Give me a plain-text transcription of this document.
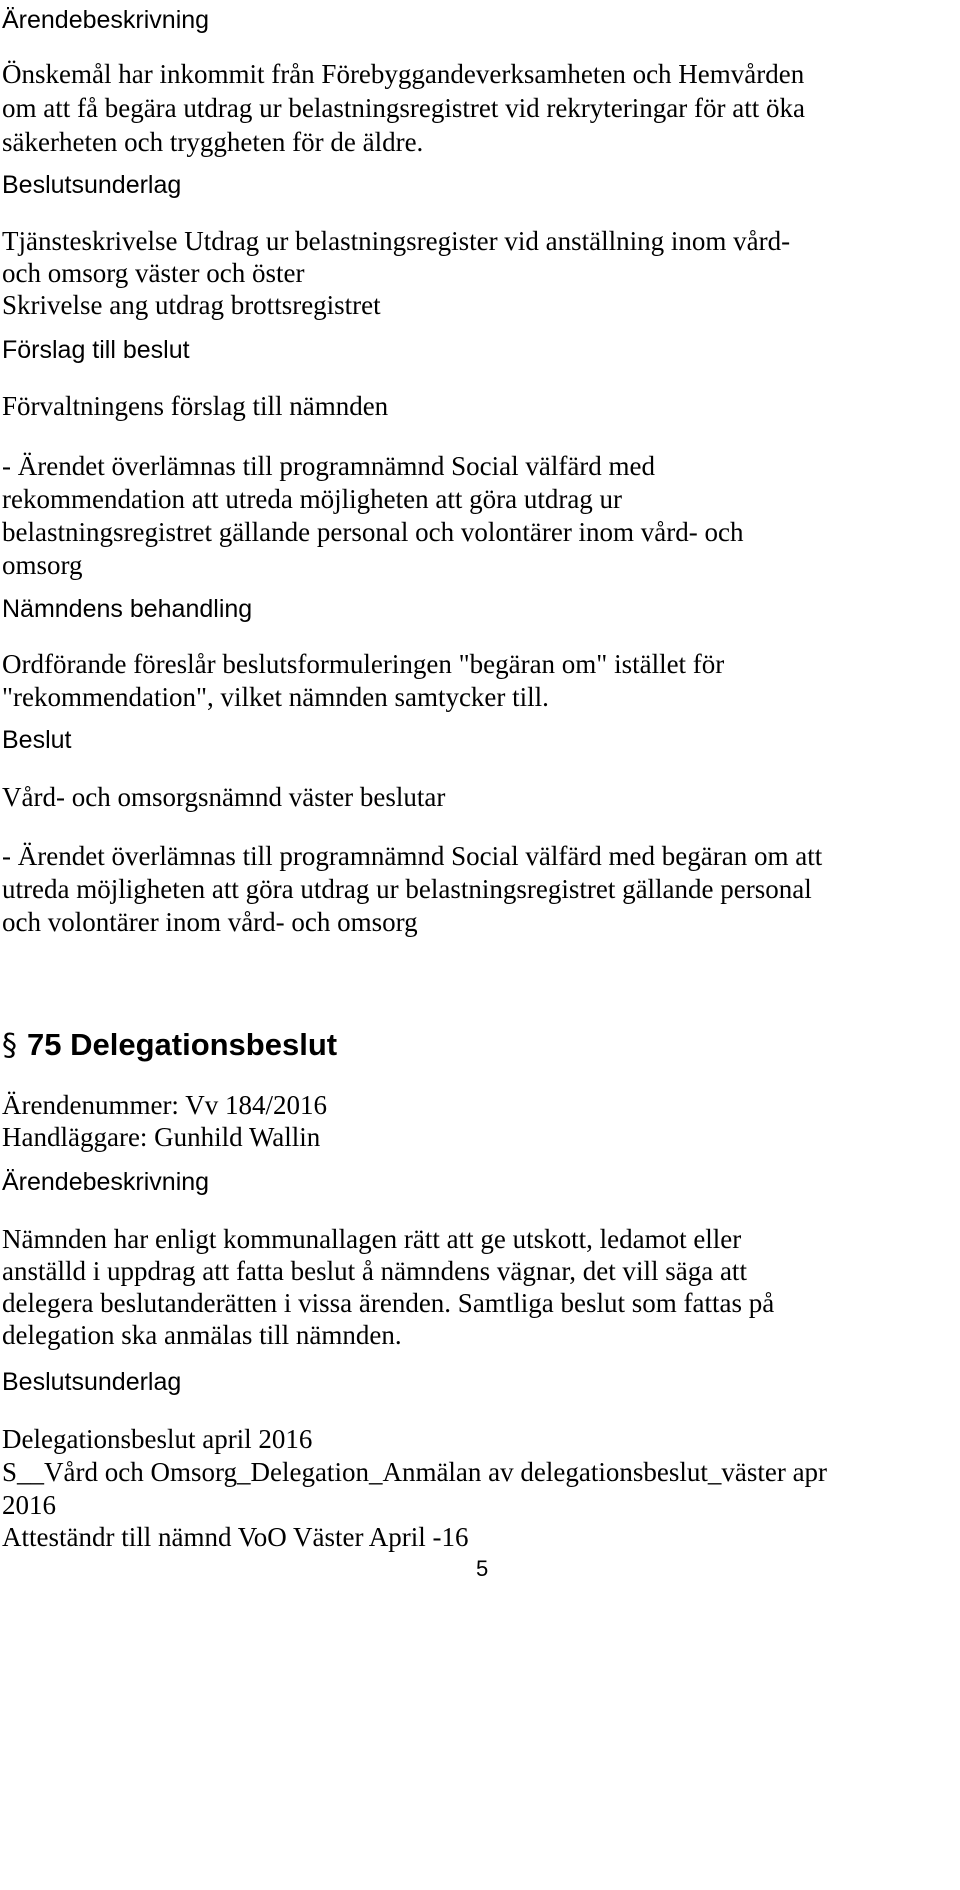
Ärendebeskrivning
Önskemål har inkommit från Förebyggandeverksamheten och Hemvården
om att få begära utdrag ur belastningsregistret vid rekryteringar för att öka
säkerheten och tryggheten för de äldre.
Beslutsunderlag
Tjänsteskrivelse Utdrag ur belastningsregister vid anställning inom vård-
och omsorg väster och öster
Skrivelse ang utdrag brottsregistret
Förslag till beslut
Förvaltningens förslag till nämnden
- Ärendet överlämnas till programnämnd Social välfärd med
rekommendation att utreda möjligheten att göra utdrag ur
belastningsregistret gällande personal och volontärer inom vård- och
omsorg
Nämndens behandling
Ordförande föreslår beslutsformuleringen "begäran om" istället för
"rekommendation", vilket nämnden samtycker till.
Beslut
Vård- och omsorgsnämnd väster beslutar
- Ärendet överlämnas till programnämnd Social välfärd med begäran om att
utreda möjligheten att göra utdrag ur belastningsregistret gällande personal
och volontärer inom vård- och omsorg
§ 75 Delegationsbeslut
Ärendenummer: Vv 184/2016
Handläggare: Gunhild Wallin
Ärendebeskrivning
Nämnden har enligt kommunallagen rätt att ge utskott, ledamot eller
anställd i uppdrag att fatta beslut å nämndens vägnar, det vill säga att
delegera beslutanderätten i vissa ärenden. Samtliga beslut som fattas på
delegation ska anmälas till nämnden.
Beslutsunderlag
Delegationsbeslut april 2016
S__Vård och Omsorg_Delegation_Anmälan av delegationsbeslut_väster apr
2016
Atteständr till nämnd VoO Väster April -16
5
